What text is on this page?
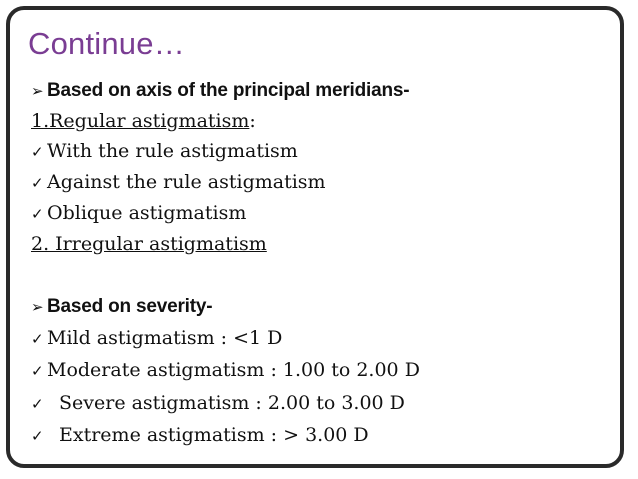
Continue…
➢ Based on axis of the principal meridians-
1.Regular astigmatism:
✓ With the rule astigmatism
✓ Against the rule astigmatism
✓ Oblique astigmatism
2. Irregular astigmatism
➢ Based on severity-
✓ Mild astigmatism : <1 D
✓ Moderate astigmatism : 1.00 to 2.00 D
✓ Severe astigmatism : 2.00 to 3.00 D
✓ Extreme astigmatism : > 3.00 D
